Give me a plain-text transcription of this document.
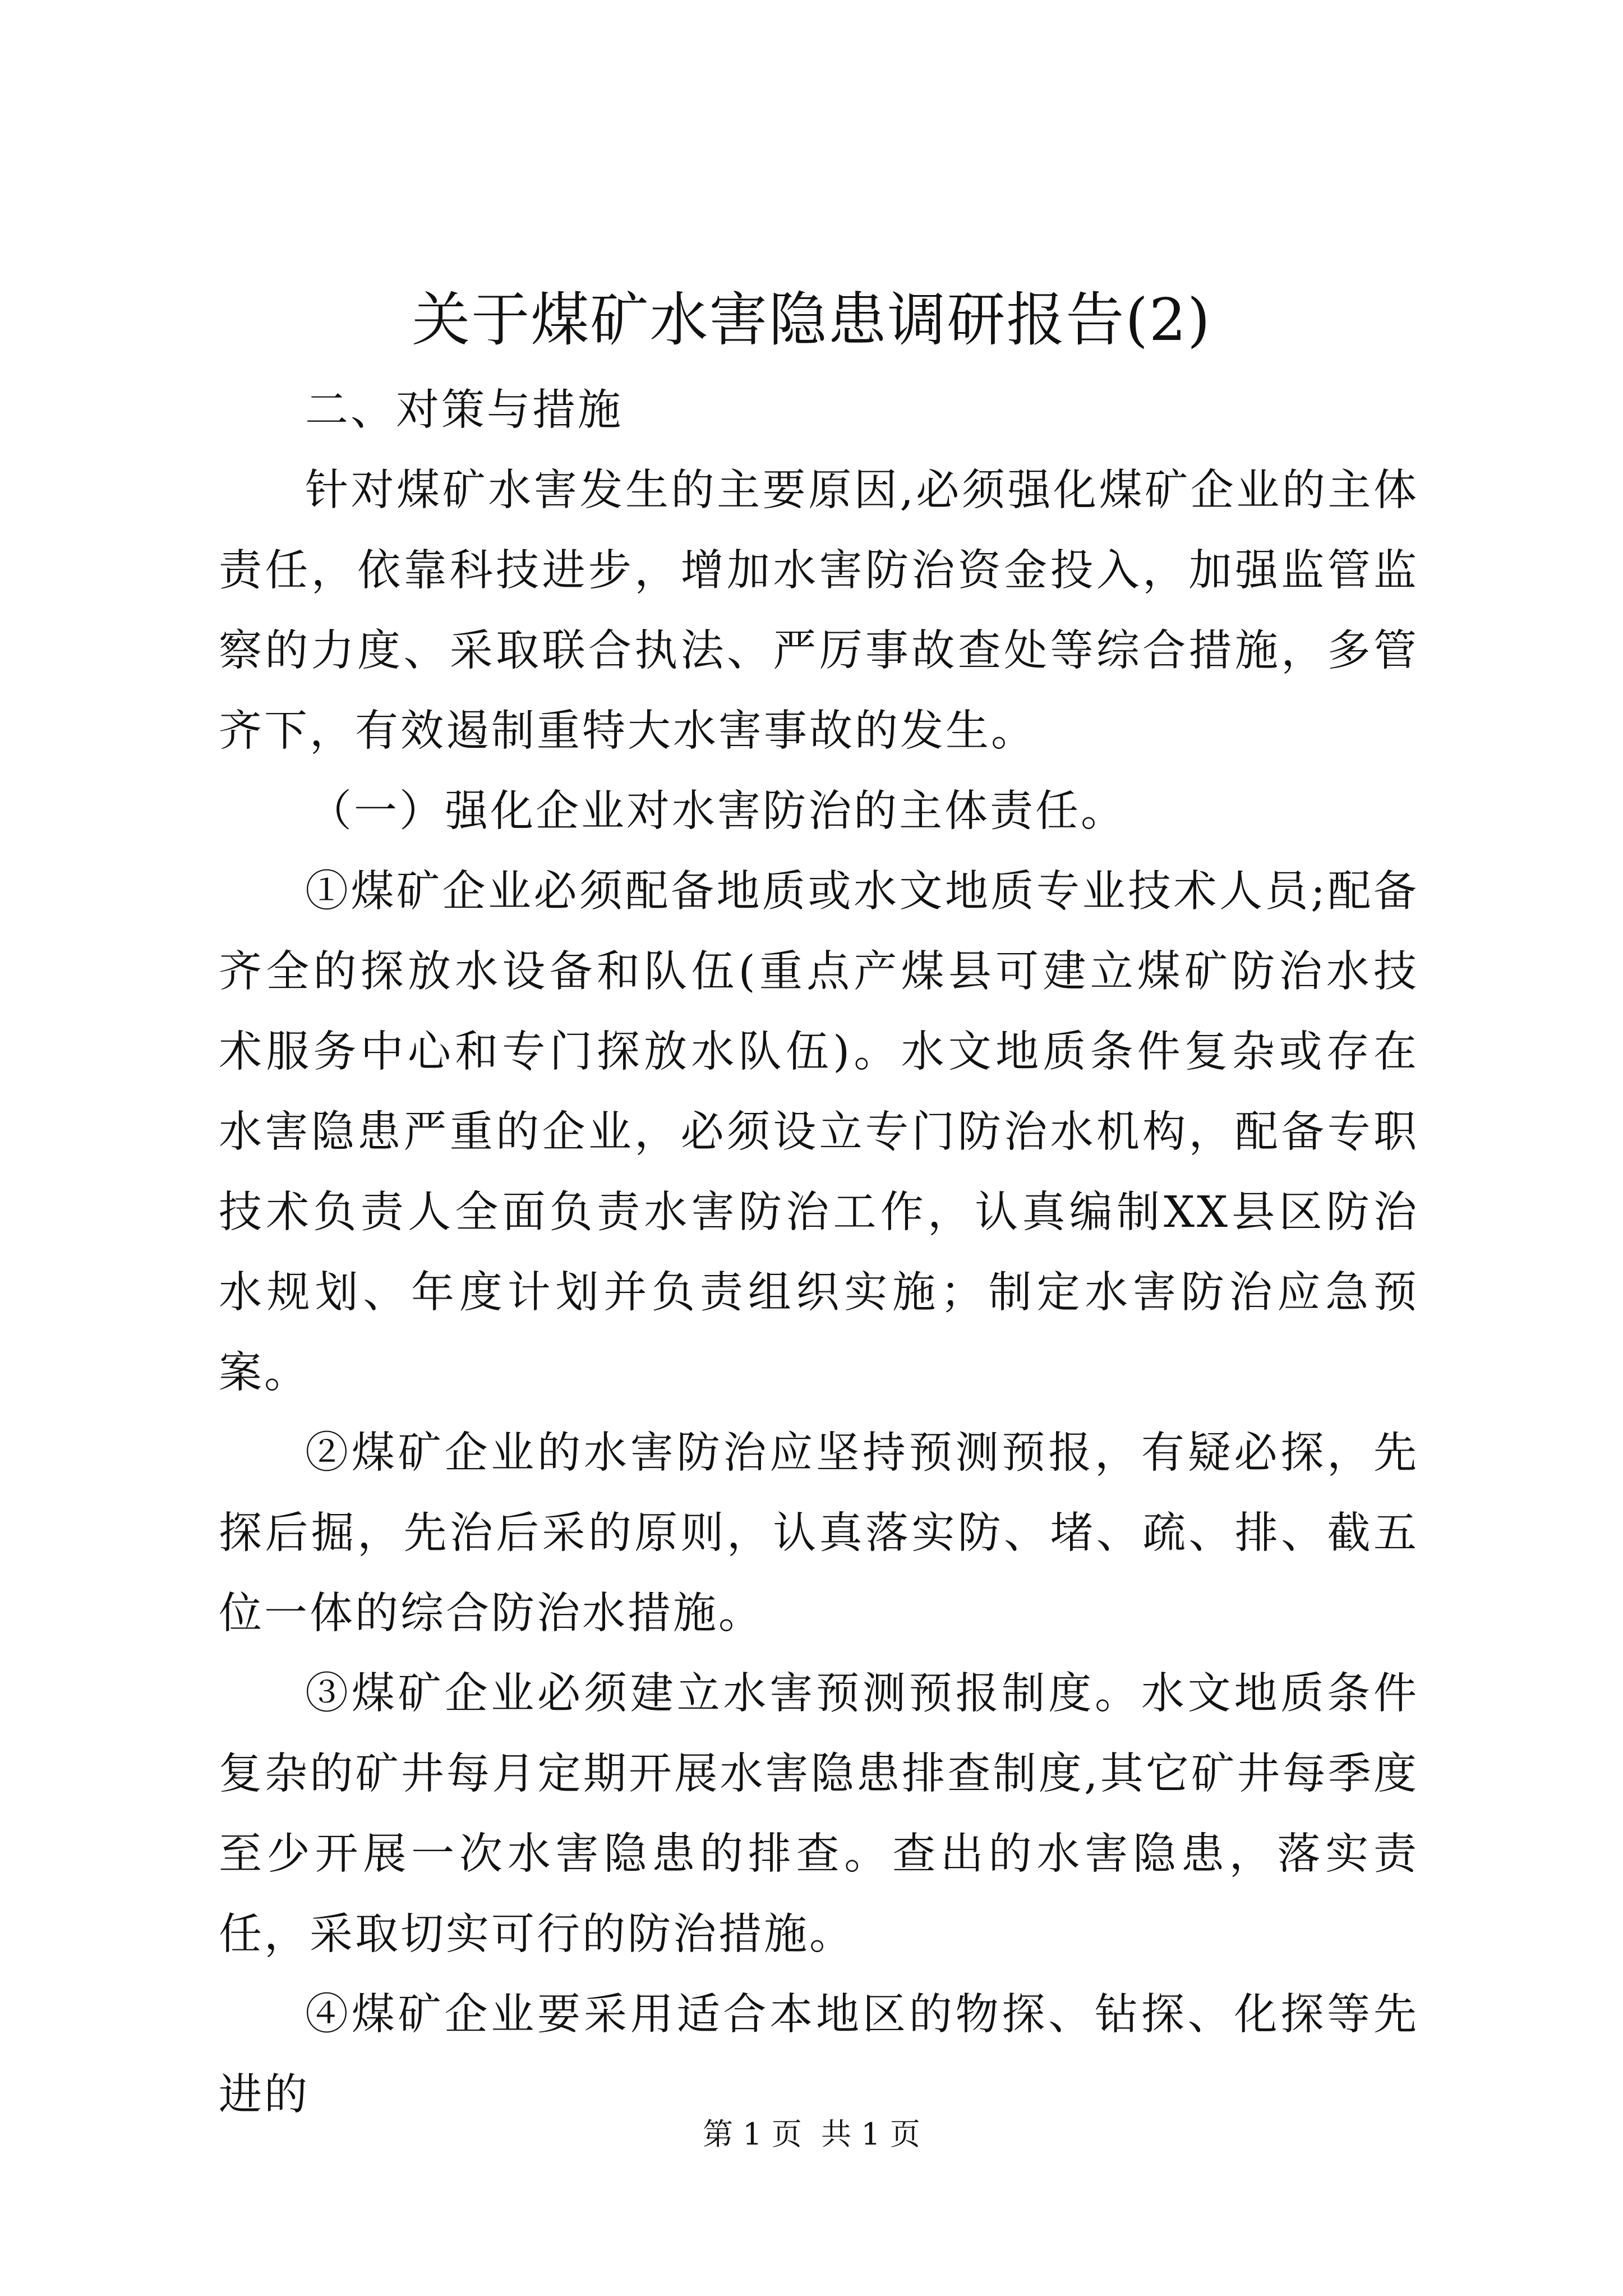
关于煤矿水害隐患调研报告(2)

二、对策与措施

针对煤矿水害发生的主要原因,必须强化煤矿企业的主体责任，依靠科技进步，增加水害防治资金投入，加强监管监察的力度、采取联合执法、严厉事故查处等综合措施，多管齐下，有效遏制重特大水害事故的发生。

（一）强化企业对水害防治的主体责任。

①煤矿企业必须配备地质或水文地质专业技术人员;配备齐全的探放水设备和队伍(重点产煤县可建立煤矿防治水技术服务中心和专门探放水队伍)。水文地质条件复杂或存在水害隐患严重的企业，必须设立专门防治水机构，配备专职技术负责人全面负责水害防治工作，认真编制XX县区防治水规划、年度计划并负责组织实施；制定水害防治应急预案。

②煤矿企业的水害防治应坚持预测预报，有疑必探，先探后掘，先治后采的原则，认真落实防、堵、疏、排、截五位一体的综合防治水措施。

③煤矿企业必须建立水害预测预报制度。水文地质条件复杂的矿井每月定期开展水害隐患排查制度,其它矿井每季度至少开展一次水害隐患的排查。查出的水害隐患，落实责任，采取切实可行的防治措施。

④煤矿企业要采用适合本地区的物探、钻探、化探等先进的

第 1 页  共 1 页
